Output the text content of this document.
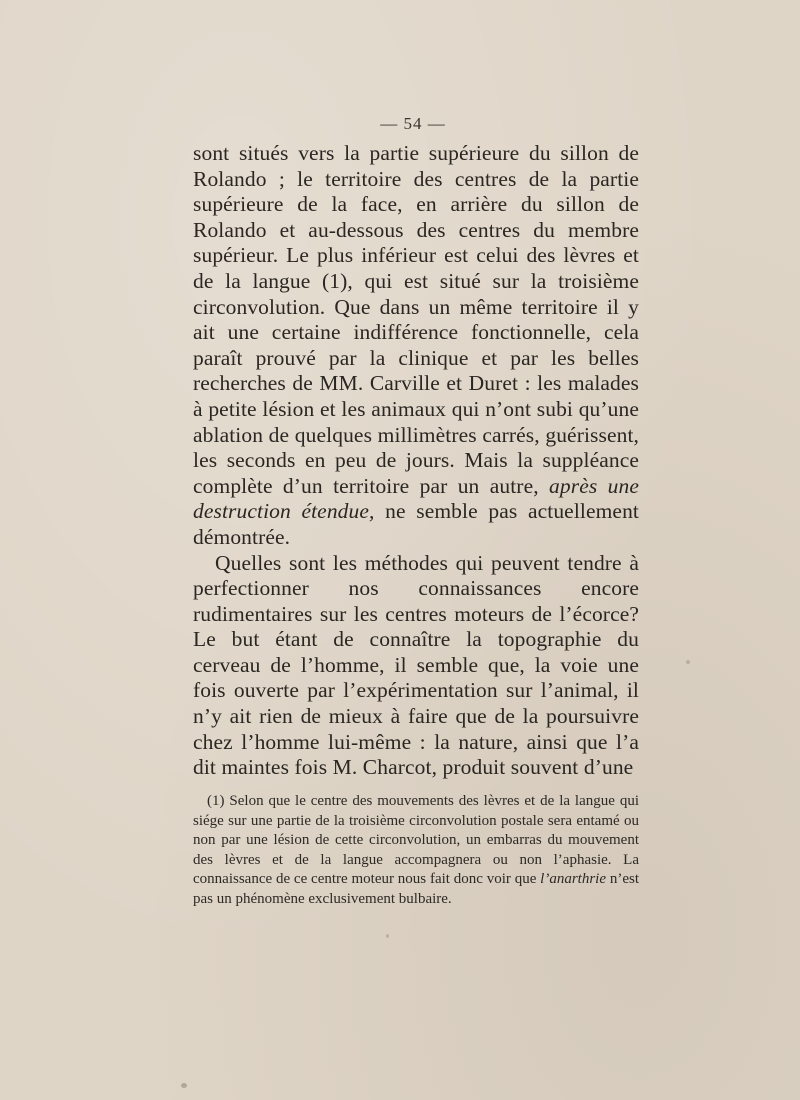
— 54 —

sont situés vers la partie supérieure du sillon de Rolando ; le territoire des centres de la partie supérieure de la face, en arrière du sillon de Rolando et au-dessous des centres du membre supérieur. Le plus inférieur est celui des lèvres et de la langue (1), qui est situé sur la troisième circonvolution. Que dans un même territoire il y ait une certaine indifférence fonctionnelle, cela paraît prouvé par la clinique et par les belles recherches de MM. Carville et Duret : les malades à petite lésion et les animaux qui n’ont subi qu’une ablation de quelques millimètres carrés, guérissent, les seconds en peu de jours. Mais la suppléance complète d’un territoire par un autre, après une destruction étendue, ne semble pas actuellement démontrée.

Quelles sont les méthodes qui peuvent tendre à perfectionner nos connaissances encore rudimentaires sur les centres moteurs de l’écorce? Le but étant de connaître la topographie du cerveau de l’homme, il semble que, la voie une fois ouverte par l’expérimentation sur l’animal, il n’y ait rien de mieux à faire que de la poursuivre chez l’homme lui-même : la nature, ainsi que l’a dit maintes fois M. Charcot, produit souvent d’une

(1) Selon que le centre des mouvements des lèvres et de la langue qui siége sur une partie de la troisième circonvolution postale sera entamé ou non par une lésion de cette circonvolution, un embarras du mouvement des lèvres et de la langue accompagnera ou non l’aphasie. La connaissance de ce centre moteur nous fait donc voir que l’anarthrie n’est pas un phénomène exclusivement bulbaire.
